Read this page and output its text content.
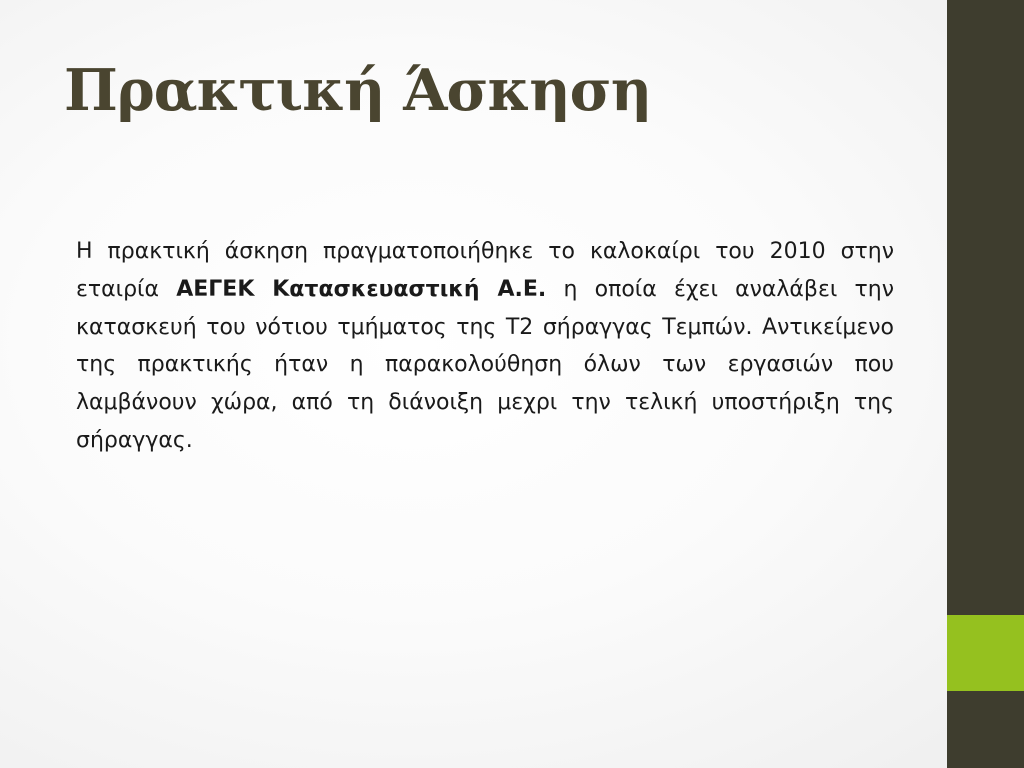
Πρακτική Άσκηση

Η πρακτική άσκηση πραγματοποιήθηκε το καλοκαίρι του 2010 στην εταιρία ΑΕΓΕΚ Κατασκευαστική Α.Ε. η οποία έχει αναλάβει την κατασκευή του νότιου τμήματος της Τ2 σήραγγας Τεμπών. Αντικείμενο της πρακτικής ήταν η παρακολούθηση όλων των εργασιών που λαμβάνουν χώρα, από τη διάνοιξη μεχρι την τελική υποστήριξη της σήραγγας.
